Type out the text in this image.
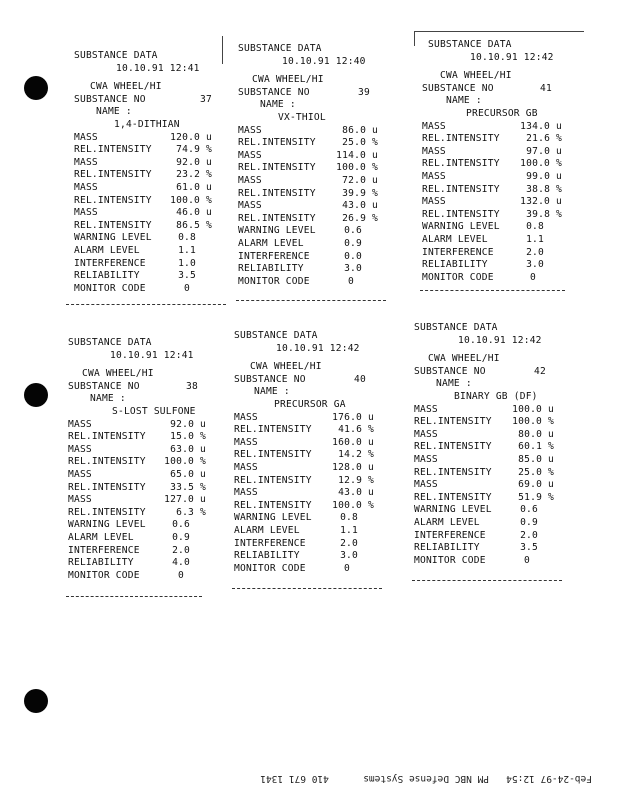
SUBSTANCE DATA
10.10.91 12:41
CWA WHEEL/HI
SUBSTANCE NO	37
NAME :
1,4-DITHIAN
MASS	120.0 u
REL.INTENSITY	74.9 %
MASS	92.0 u
REL.INTENSITY	23.2 %
MASS	61.0 u
REL.INTENSITY 100.0 %
MASS	46.0 u
REL.INTENSITY	86.5 %
WARNING LEVEL	0.8
ALARM LEVEL	1.1
INTERFERENCE	1.0
RELIABILITY	3.5
MONITOR CODE	0
SUBSTANCE DATA
10.10.91 12:40
CWA WHEEL/HI
SUBSTANCE NO	39
NAME :
VX-THIOL
MASS	86.0 u
REL.INTENSITY	25.0 %
MASS	114.0 u
REL.INTENSITY 100.0 %
MASS	72.0 u
REL.INTENSITY	39.9 %
MASS	43.0 u
REL.INTENSITY	26.9 %
WARNING LEVEL	0.6
ALARM LEVEL	0.9
INTERFERENCE	0.0
RELIABILITY	3.0
MONITOR CODE	0
SUBSTANCE DATA
10.10.91 12:42
CWA WHEEL/HI
SUBSTANCE NO	41
NAME :
PRECURSOR GB
MASS	134.0 u
REL.INTENSITY	21.6 %
MASS	97.0 u
REL.INTENSITY 100.0 %
MASS	99.0 u
REL.INTENSITY	38.8 %
MASS	132.0 u
REL.INTENSITY	39.8 %
WARNING LEVEL	0.8
ALARM LEVEL	1.1
INTERFERENCE	2.0
RELIABILITY	3.0
MONITOR CODE	0
SUBSTANCE DATA
10.10.91 12:41
CWA WHEEL/HI
SUBSTANCE NO	38
NAME :
S-LOST SULFONE
MASS	92.0 u
REL.INTENSITY	15.0 %
MASS	63.0 u
REL.INTENSITY 100.0 %
MASS	65.0 u
REL.INTENSITY	33.5 %
MASS	127.0 u
REL.INTENSITY	6.3 %
WARNING LEVEL	0.6
ALARM LEVEL	0.9
INTERFERENCE	2.0
RELIABILITY	4.0
MONITOR CODE	0
SUBSTANCE DATA
10.10.91 12:42
CWA WHEEL/HI
SUBSTANCE NO	40
NAME :
PRECURSOR GA
MASS	176.0 u
REL.INTENSITY	41.6 %
MASS	160.0 u
REL.INTENSITY	14.2 %
MASS	128.0 u
REL.INTENSITY	12.9 %
MASS	43.0 u
REL.INTENSITY 100.0 %
WARNING LEVEL	0.8
ALARM LEVEL	1.1
INTERFERENCE	2.0
RELIABILITY	3.0
MONITOR CODE	0
SUBSTANCE DATA
10.10.91 12:42
CWA WHEEL/HI
SUBSTANCE NO	42
NAME :
BINARY GB (DF)
MASS	100.0 u
REL.INTENSITY 100.0 %
MASS	80.0 u
REL.INTENSITY	60.1 %
MASS	85.0 u
REL.INTENSITY	25.0 %
MASS	69.0 u
REL.INTENSITY	51.9 %
WARNING LEVEL	0.6
ALARM LEVEL	0.9
INTERFERENCE	2.0
RELIABILITY	3.5
MONITOR CODE	0
Feb-24-97 12:54   PM NBC Defense Systems      410 671 1341
